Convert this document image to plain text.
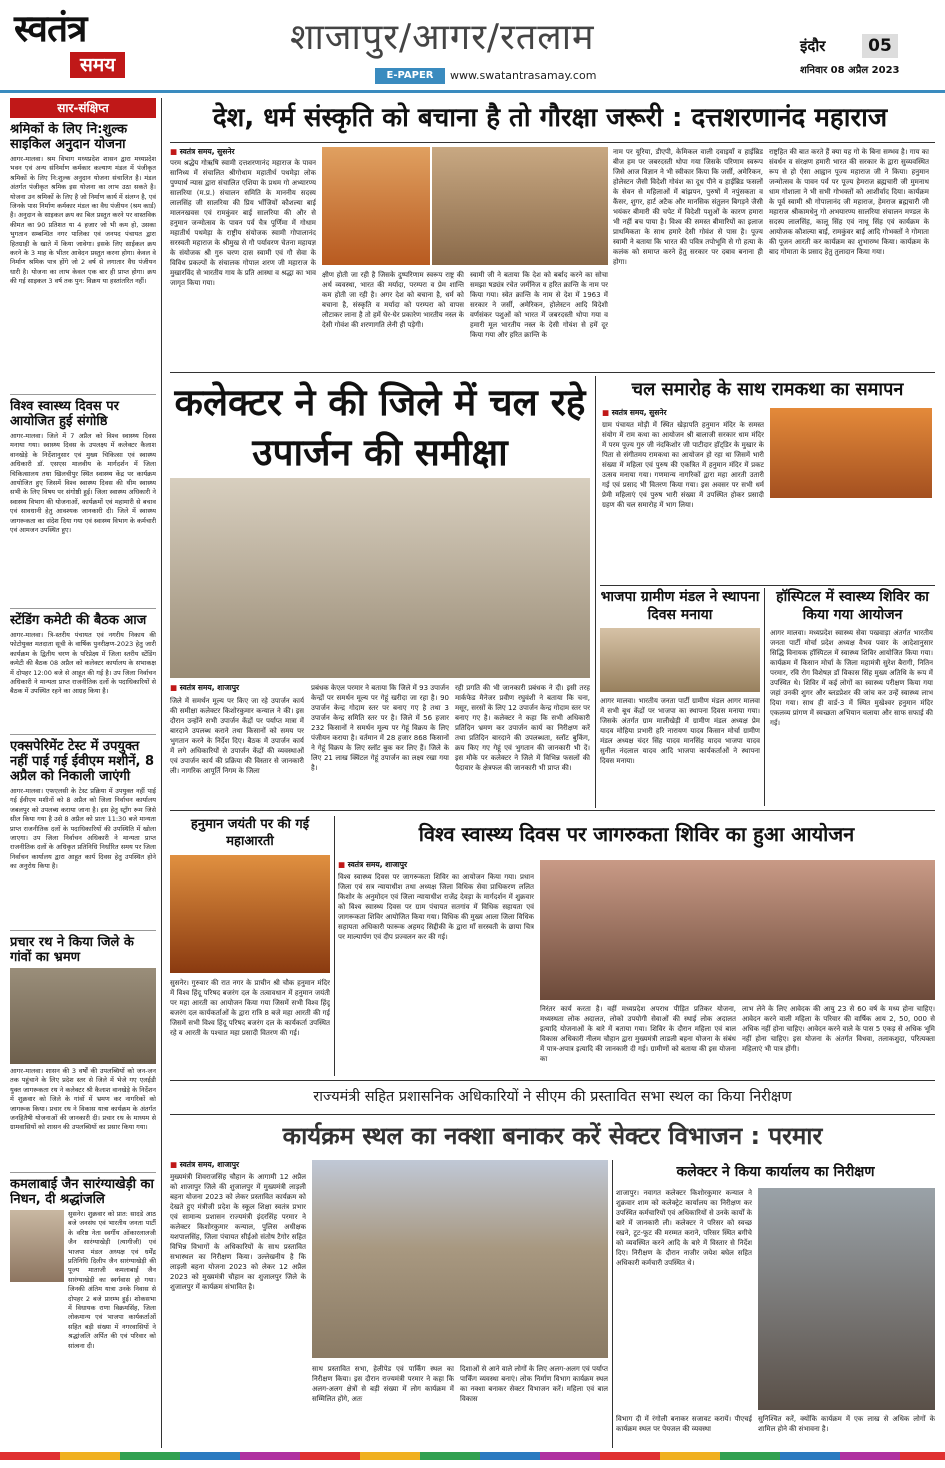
स्वतंत्र
समय
शाजापुर/आगर/रतलाम
E-PAPER	www.swatantrasamay.com
इंदौर	05
शनिवार 08 अप्रैल 2023
सार-संक्षिप्त
श्रमिकों के लिए नि:शुल्क साइकिल अनुदान योजना
आगर-मालवा। श्रम विभाग मध्यप्रदेश शासन द्वारा मध्यप्रदेश भवन एवं अन्य संनिर्माण कर्मकार कल्याण मंडल में पंजीकृत श्रमिकों के लिए नि:शुल्क अनुदान योजना संचालित है। मंडल अंतर्गत पंजीकृत श्रमिक इस योजना का लाभ उठा सकते है। योजना उन श्रमिकों के लिए है जो निर्माण कार्य में संलग्न है, एवं जिनके पास निर्माण कर्मकार मंडल का वैध पंजीयन (श्रम कार्ड) है। अनुदान के साइकल क्रय का बिल प्रस्तुत करने पर वास्तविक कीमत का 90 प्रतिशत या 4 हजार जो भी कम हो, उसका भुगतान सम्बन्धित नगर पालिका एवं जनपद पंचायत द्वारा हितग्राही के खाते में किया जावेगा। इसके लिए साईकल क्रय करने के 3 माह के भीतर आवेदन प्रस्तुत करना होगा। केवल वे निर्माण श्रमिक पात्र होंगे जो 2 वर्ष से लगातार वैध पंजीयन धारी है। योजना का लाभ केवल एक बार ही प्राप्त होगा। क्रय की गई साइकल 3 वर्ष तक पुन: विक्रय या हस्तांतरित नहीं।
विश्व स्वास्थ्य दिवस पर आयोजित हुई संगोष्ठि
आगर-मालवा। जिले में 7 अप्रैल को विश्व स्वास्थ्य दिवस मनाया गया। स्वास्थ्य दिवस के उपलक्ष्य में कलेक्टर कैलाश वानखेड़े के निर्देशानुसार एवं मुख्य चिकित्सा एवं स्वास्थ्य अधिकारी डॉ. एसएस मालवीय के मार्गदर्शन में जिला चिकित्सालय तथा खिलचीपुर स्थित स्वास्थ्य केंद्र पर कार्यक्रम आयोजित हुए जिसमें विश्व स्वास्थ्य दिवस की थीम स्वास्थ्य सभी के लिए विषय पर संगोष्ठी हुई। जिला स्वास्थ्य अधिकारी ने स्वास्थ्य विभाग की योजनाओं, कार्यक्रमों एवं महामारी से बचाव एवं सावधानी हेतु आवश्यक जानकारी दी। जिले में स्वास्थ्य जागरूकता का संदेश दिया गया एवं स्वास्थ्य विभाग के कर्मचारी एवं आमजन उपस्थित हुए।
स्टेंडिंग कमेटी की बैठक आज
आगर-मालवा। त्रि-स्तरीय पंचायत एवं नगरीय निकाय की फोटोयुक्त मतदाता सूची के वार्षिक पुनरीक्षण-2023 हेतु जारी कार्यक्रम के द्वितीय चरण के परिप्रेक्ष्य में जिला स्तरीय स्टेंडिंग कमेटी की बैठक 08 अप्रैल को कलेक्टर कार्यालय के सभाकक्ष में दोपहर 12:00 बजे से आहूत की गई है। उप जिला निर्वाचन अधिकारी ने मान्यता प्राप्त राजनीतिक दलों के पदाधिकारियों से बैठक में उपस्थित रहने का आग्रह किया है।
एक्सपेरिमेंट टेस्ट में उपयुक्त नहीं पाई गई ईवीएम मशीनें, 8 अप्रैल को निकाली जाएंगी
आगर-मालवा। एफएलसी के टेस्ट प्रक्रिया में उपयुक्त नहीं पाई गई ईवीएम मशीनों को 8 अप्रैल को जिला निर्वाचन कार्यालय जबलपुर को उपलब्ध कराया जाना है। इस हेतु स्ट्रॉंग रूम जिसे सील किया गया है उसे 8 अप्रैल को प्रातः 11:30 बजे मान्यता प्राप्त राजनीतिक दलों के पदाधिकारियों की उपस्थिति में खोला जाएगा। उप जिला निर्वाचन अधिकारी ने मान्यता प्राप्त राजनीतिक दलों के अधिकृत प्रतिनिधि निर्धारित समय पर जिला निर्वाचन कार्यालय द्वारा आहूत कार्य दिवस हेतु उपस्थित होने का अनुरोध किया है।
प्रचार रथ ने किया जिले के गांवों का भ्रमण
आगर-मालवा। शासन की 3 वर्षों की उपलब्धियों को जन-जन तक पहुंचाने के लिए प्रदेश स्तर से जिले में भेजे गए एलईडी युक्त जागरूकता रथ ने कलेक्टर श्री कैलाश वानखेड़े के निर्देशन में शुक्रवार को जिले के गांवों में भ्रमण कर नागरिकों को जागरूक किया। प्रचार रथ ने विकास यात्रा कार्यक्रम के अंतर्गत जनहितैषी योजनाओं की जानकारी दी। प्रचार रथ के माध्यम से ग्रामवासियों को शासन की उपलब्धियों का प्रसार किया गया।
कमलाबाई जैन सारंग्याखेड़ी का निधन, दी श्रद्धांजलि
सुसनेर। शुक्रवार को प्रात: सादडे आठ बजे जनसंघ एवं भारतीय जनता पार्टी के वरिष्ठ नेता स्वर्गीय ओंकारलालजी जैन सारंग्याखेड़ी (त्यागीजी) एवं भाजपा मंडल अध्यक्ष एवं धर्मेंद्र प्रतिनिधि दिलीप जैन सारंग्याखेड़ी की पूज्य माताजी कमलाबाई जैन सारंग्याखेड़ी का स्वर्गवास हो गया। जिनकी अंतिम यात्रा उनके निवास से दोपहर 2 बजे प्रारम्भ हुई। शोकसभा में विधायक राणा विक्रमसिंह, जिला लोकमान्य एवं भाजपा कार्यकर्ताओं सहित बड़ी संख्या में नगरवासियों ने श्रद्धांजलि अर्पित की एवं परिवार को सांत्वना दी।
देश, धर्म संस्कृति को बचाना है तो गौरक्षा जरूरी : दत्तशरणानंद महाराज
■ स्वतंत्र समय, सुसनेर
परम श्रद्धेय गोऋषि स्वामी दत्तशरणानंद महाराज के पावन सानिध्य में संचालित श्रीगोधाम महातीर्थ पथमेड़ा लोक पुण्यार्थ न्यास द्वारा संचालित एशिया के प्रथम गो अभ्यारण्य सालरिया (म.प्र.) संचालन समिति के माननीय सदस्य लालसिंह जी सालरिया की प्रिय भाँजियों कौशल्या बाई मालनखवस एवं रामकुंवर बाई सालरिया की और से हनुमान जन्मोत्सव के पावन पर्व चैत्र पूर्णिमा में गोधाम महातीर्थ पथमेड़ा के राष्ट्रीय संयोजक स्वामी गोपालानंद सरस्वती महाराज के श्रीमुख से गौ पर्यावरण चेतना महायज्ञ के संयोजक श्री गुरु चरण दास स्वामी एवं गौ सेवा के विविध प्रकल्पों के संचालक गोपाल शरण जी महाराज के मुखारविंद से भारतीय गाय के प्रति आस्था व श्रद्धा का भाव जागृत किया गया।
क्षीण होती जा रही है जिसके दुष्परिणाम स्वरूप राष्ट्र की अर्थ व्यवस्था, भारत की मर्यादा, परम्परा व प्रेम शान्ति कम होती जा रही है। अगर देश को बचाना है, धर्म को बचाना है, संस्कृति व मर्यादा को परम्परा को वापस लौटाकर लाना है तो हमें घेर-घेर प्रकारेण भारतीय नस्ल के देसी गोवंश की शरणागति लेनी ही पड़ेगी।
स्वामी जी ने बताया कि देश को बर्बाद करने का सोचा समझा षड्यंत्र रचेत जर्मनिज व हरित क्रान्ति के नाम पर किया गया। स्वेत क्रान्ति के नाम से देश में 1963 में सरकार ने जर्सी, अमेरिकन, होलेस्टन आदि विदेशी वर्णसंकर पशुओं को भारत में जबरदस्ती थोपा गया व हमारी मूल भारतीय नस्ल के देसी गोवंश से हमें दूर किया गया और हरित क्रान्ति के
नाम पर यूरिया, डीएपी, केमिकल वाली दवाइयाँ व हाईब्रिड बीज हम पर जबरदस्ती थोपा गया जिसके परिणाम स्वरूप जिसे आज विज्ञान ने भी स्वीकार किया कि जर्सी, अमेरिकन, होलेस्टन जैसी विदेशी गोवंश का दूध पीने व हाईब्रिड फसलों के सेवन से महिलाओं में बांझपन, पुरुषों में नपुंसकता व कैंसर, शुगर, हार्ट अटैक और मानसिक संतुलन बिगड़ने जैसी भयंकर बीमारी की चपेट में विदेशी पशुओं के कारण हमारा भी नहीं बच पाया है। विश्व की समस्त बीमारियों का इलाज प्राथमिकता के साथ हमारे देसी गोवंश से पास है। पूज्य स्वामी ने बताया कि भारत की पवित्र तपोभूमि से गो हत्या के कलंक को समाप्त करने हेतु सरकार पर दबाव बनाना ही होगा।
राष्ट्रहित की बात करते हैं क्या यह गो के बिना सम्भव है। गाय का संवर्धन व संरक्षण हमारी भारत की सरकार के द्वारा सुव्यवस्थित रूप से हो ऐसा आह्वान पूज्य महाराज जी ने किया। हनुमान जन्मोत्सव के पावन पर्व पर पूज्य हेमराज ब्रह्मचारी जी मुमनाथ धाम गोशाला ने भी सभी गोभक्तों को आशीर्वाद दिया। कार्यक्रम के पूर्व स्वामी श्री गोपालानंद जी महाराज, हेमराज ब्रह्मचारी जी महाराज श्रीकामधेनु गो अभयारण्य सालरिया संचालन मण्डल के सदस्य लालसिंह, कालू सिंह एवं नाथू सिंह एवं कार्यक्रम के आयोजक कौशल्या बाई, रामकुंवर बाई आदि गोभक्तों ने गोमाता की पूजन आरती कर कार्यक्रम का शुभारम्भ किया। कार्यक्रम के बाद गोमाता के प्रसाद हेतु तुलादान किया गया।
कलेक्टर ने की जिले में चल रहे उपार्जन की समीक्षा
■ स्वतंत्र समय, शाजापुर
जिले में समर्थन मूल्य पर किए जा रहे उपार्जन कार्य की समीक्षा कलेक्टर किशोरकुमार कन्याल ने की। इस दौरान उन्होंने सभी उपार्जन केंद्रों पर पर्याप्त मात्रा में बारदाने उपलब्ध कराने तथा किसानों को समय पर भुगतान करने के निर्देश दिए। बैठक में उपार्जन कार्य में लगे अधिकारियों से उपार्जन केंद्रों की व्यवस्थाओं एवं उपार्जन कार्य की प्रक्रिया की विस्तार से जानकारी ली। नागरिक आपूर्ति निगम के जिला
प्रबंधक केएल परमार ने बताया कि जिले में 93 उपार्जन केन्द्रों पर समर्थन मूल्य पर गेहूं खरीदा जा रहा है। 90 उपार्जन केन्द्र गोदाम स्तर पर बनाए गए है तथा 3 उपार्जन केन्द्र समिति स्तर पर है। जिले में 56 हजार 232 किसानों ने समर्थन मूल्य पर गेहूं विक्रय के लिए पंजीयन कराया है। वर्तमान में 28 हजार 868 किसानों ने गेहूं विक्रय के लिए स्लॉट बुक कर लिए हैं। जिले के लिए 21 लाख क्विंटल गेहूं उपार्जन का लक्ष्य रखा गया है।
रही प्रगति की भी जानकारी प्रबंधक ने दी। इसी तरह मार्कफेड मैनेजर प्रवीण रघुवंशी ने बताया कि चना, मसूर, सरसों के लिए 12 उपार्जन केन्द्र गोदाम स्तर पर बनाए गए है। कलेक्टर ने कहा कि सभी अधिकारी प्रतिदिन भ्रमण कर उपार्जन कार्य का निरीक्षण करें तथा प्रतिदिन बारदाने की उपलब्धता, स्लॉट बुकिंग, क्रय किए गए गेहूं एवं भुगतान की जानकारी भी दें। इस मौके पर कलेक्टर ने जिले में विभिन्न फसलों की पैदावार के क्षेत्रफल की जानकारी भी प्राप्त की।
चल समारोह के साथ रामकथा का समापन
■ स्वतंत्र समय, सुसनेर
ग्राम पंचायत मोड़ी में स्थित खेड़ापति हनुमान मंदिर के समस्त संयोग में राम कथा का आयोजन श्री बालाजी सरकार धाम मंदिर में परम पूज्य गुरु जी नंदकिशोर जी पाटीदार हॉट्डिर के मुखार के पिता से संगीतमय रामकथा का आयोजन हो रहा था जिसमें भारी संख्या में महिला एवं पुरुष की एकत्रित में हनुमान मंदिर में प्रकट उत्सव मनाया गया। गणमान्य नागरिकों द्वारा महा आरती उतारी गई एवं प्रसाद भी वितरण किया गया। इस अवसर पर सभी धर्म प्रेमी महिलाएं एवं पुरुष भारी संख्या में उपस्थित होकर प्रसादी ग्रहण की चल समारोह में भाग लिया।
भाजपा ग्रामीण मंडल ने स्थापना दिवस मनाया
आगर मालवा। भारतीय जनता पार्टी ग्रामीण मंडल आगर मालवा में सभी बूथ केंद्रों पर भाजपा का स्थापना दिवस मनाया गया। जिसके अंतर्गत ग्राम मालीखेड़ी में ग्रामीण मंडल अध्यक्ष प्रेम यादव मोहिया प्रभारी हरि नारायण यादव किसान मोर्चा ग्रामीण मंडल अध्यक्ष चंदर सिंह यादव मानसिंह यादव भाजपा यादव सुनील नंदलाल यादव आदि भाजपा कार्यकर्ताओं ने स्थापना दिवस मनाया।
हॉस्पिटल में स्वास्थ्य शिविर का किया गया आयोजन
आगर मालवा। मध्यप्रदेश स्वास्थ्य सेवा पखवाड़ा अंतर्गत भारतीय जनता पार्टी मोर्चा प्रदेश अध्यक्ष वैभव पवार के आदेशानुसार सिद्धि विनायक हॉस्पिटल में स्वास्थ्य शिविर आयोजित किया गया। कार्यक्रम में किसान मोर्चा के जिला महामंत्री सुरेश बैरागी, नितिन परमार, रवि रोग विशेषज्ञ डॉ विकास सिंह मुख्य अतिथि के रूप में उपस्थित थे। शिविर में कई लोगों का स्वास्थ्य परीक्षण किया गया जहां उनकी शुगर और ब्लडप्रेशर की जांच कर उन्हें स्वास्थ्य लाभ दिया गया। साथ ही वार्ड-3 में स्थित मुखेश्वर हनुमान मंदिर एकलव्य प्रांगण में स्वच्छता अभियान चलाया और साफ सफाई की गई।
हनुमान जयंती पर की गई महाआरती
सुसनेर। गुरुवार की रात नगर के प्राचीन श्री चौक हनुमान मंदिर में विश्व हिंदू परिषद बजरंग दल के तत्वावधान में हनुमान जयंती पर महा आरती का आयोजन किया गया जिसमें सभी विश्व हिंदू बजरंग दल कार्यकर्ताओं के द्वारा रात्रि 8 बजे महा आरती की गई जिसमें सभी विश्व हिंदू परिषद बजरंग दल के कार्यकर्ता उपस्थित रहे व आरती के पश्चात महा प्रसादी वितरण की गई।
विश्व स्वास्थ्य दिवस पर जागरुकता शिविर का हुआ आयोजन
■ स्वतंत्र समय, शाजापुर
विश्व स्वास्थ्य दिवस पर जागरूकता शिविर का आयोजन किया गया। प्रधान जिला एवं सत्र न्यायाधीश तथा अध्यक्ष जिला विधिक सेवा प्राधिकरण ललित किशोर के अनुमोदन एवं जिला न्यायाधीश राजेंद्र देवड़ा के मार्गदर्शन में शुक्रवार को विश्व स्वास्थ्य दिवस पर ग्राम पंचायत सतगांव में विधिक सहायता एवं जागरूकता शिविर आयोजित किया गया। विधिक की मुख्य आला जिला विधिक सहायता अधिकारी फारूक अहमद सिद्दीकी के द्वारा माँ सरस्वती के छाया चित्र पर माल्यार्पण एवं दीप प्रज्वलन कर की गई।
निरंतर कार्य करता है। वहीं मध्यप्रदेश अपराध पीड़ित प्रतिकर योजना, मध्यस्थता लोक अदालत, लोको उपयोगी सेवाओं की स्थाई लोक अदालत इत्यादि योजनाओं के बारे में बताया गया। शिविर के दौरान महिला एवं बाल विकास अधिकारी नीलम चौहान द्वारा मुख्यमंत्री लाडली बहना योजना के संबंध में पात्र-अपात्र इत्यादि की जानकारी दी गई। ग्रामीणों को बताया की इस योजना का
लाभ लेने के लिए आवेदक की आयु 23 से 60 वर्ष के मध्य होना चाहिए। आवेदन करने वाली महिला के परिवार की वार्षिक आय 2, 50, 000 से अधिक नहीं होना चाहिए। आवेदन करने वाले के पास 5 एकड़ से अधिक भूमि नहीं होना चाहिए। इस योजना के अंतर्गत विधवा, तलाकशुदा, परित्यक्ता महिलाएं भी पात्र होंगी।
राज्यमंत्री सहित प्रशासनिक अधिकारियों ने सीएम की प्रस्तावित सभा स्थल का किया निरीक्षण
कार्यक्रम स्थल का नक्शा बनाकर करें सेक्टर विभाजन : परमार
■ स्वतंत्र समय, शाजापुर
मुख्यमंत्री शिवराजसिंह चौहान के आगामी 12 अप्रैल को शाजापुर जिले की शुजालपुर में मुख्यमंत्री लाड़ली बहना योजना 2023 को लेकर प्रस्तावित कार्यक्रम को देखते हुए मंत्रीजी प्रदेश के स्कूल शिक्षा स्वतंत्र प्रभार एवं सामान्य प्रशासन राज्यमंत्री इंदरसिंह परमार ने कलेक्टर किशोरकुमार कन्याल, पुलिस अधीक्षक यशपालसिंह, जिला पंचायत सीईओ संतोष टैगोर सहित विभिन्न विभागों के अधिकारियों के साथ प्रस्तावित सभास्थल का निरीक्षण किया। उल्लेखनीय है कि लाड़ली बहना योजना 2023 को लेकर 12 अप्रैल 2023 को मुख्यमंत्री चौहान का शुजालपुर जिले के शुजालपुर में कार्यक्रम संभावित है।
साथ प्रस्तावित सभा, हेलीपेड एवं पार्किंग स्थल का निरीक्षण किया। इस दौरान राज्यमंत्री परमार ने कहा कि अलग-अलग क्षेत्रों से बड़ी संख्या में लोग कार्यक्रम में सम्मिलित होंगे, अतः
दिशाओं से आने वाले लोगों के लिए अलग-अलग एवं पर्याप्त पार्किंग व्यवस्था बनाएं। लोक निर्माण विभाग कार्यक्रम स्थल का नक्शा बनाकर सेक्टर विभाजन करें। महिला एवं बाल विकास
कलेक्टर ने किया कार्यालय का निरीक्षण
शाजापुर। नवागत कलेक्टर किशोरकुमार कन्याल ने शुक्रवार शाम को कलेक्ट्रेट कार्यालय का निरीक्षण कर उपस्थित कर्मचारियों एवं अधिकारियों से उनके कार्यों के बारे में जानकारी ली। कलेक्टर ने परिसर को स्वच्छ रखने, टूट-फूट की मरम्मत कराने, परिसर स्थित बगीचे को व्यवस्थित करने आदि के बारे में विस्तार से निर्देश दिए। निरीक्षण के दौरान नाजीर जयेश बघेल सहित अधिकारी कर्मचारी उपस्थित थे।
विभाग दी में रंगोली बनाकर सजावट करायें। पीएचई कार्यक्रम स्थल पर पेयजल की व्यवस्था
सुनिश्चित करें, क्योंकि कार्यक्रम में एक लाख से अधिक लोगों के शामिल होने की संभावना है।
